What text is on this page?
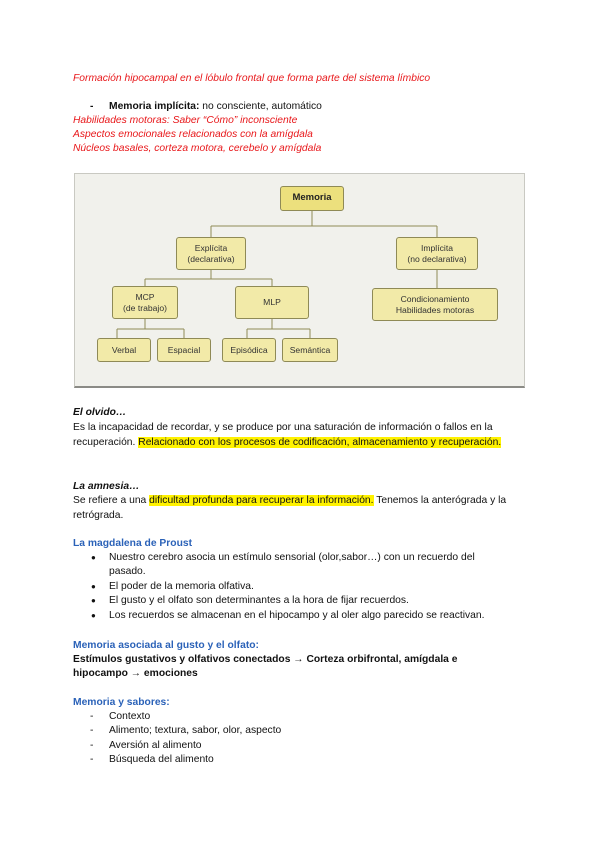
Formación hipocampal en el lóbulo frontal que forma parte del sistema límbico
- Memoria implícita: no consciente, automático
Habilidades motoras: Saber “Cómo” inconsciente
Aspectos emocionales relacionados con la amígdala
Núcleos basales, corteza motora, cerebelo y amígdala
Memoria
Explícita
(declarativa)
Implícita
(no declarativa)
MCP
(de trabajo)
MLP	Condicionamiento
Habilidades motoras
Verbal	Espacial	Episódica	Semántica
El olvido…
Es la incapacidad de recordar, y se produce por una saturación de información o fallos en la recuperación. Relacionado con los procesos de codificación, almacenamiento y recuperación.
La amnesia…
Se refiere a una dificultad profunda para recuperar la información. Tenemos la anterógrada y la retrógrada.
La magdalena de Proust
● Nuestro cerebro asocia un estímulo sensorial (olor,sabor…) con un recuerdo del
pasado.
● El poder de la memoria olfativa.
● El gusto y el olfato son determinantes a la hora de fijar recuerdos.
● Los recuerdos se almacenan en el hipocampo y al oler algo parecido se reactivan.
Memoria asociada al gusto y el olfato:
Estímulos gustativos y olfativos conectados → Corteza orbifrontal, amígdala e
hipocampo → emociones
Memoria y sabores:
- Contexto
- Alimento; textura, sabor, olor, aspecto
- Aversión al alimento
- Búsqueda del alimento
